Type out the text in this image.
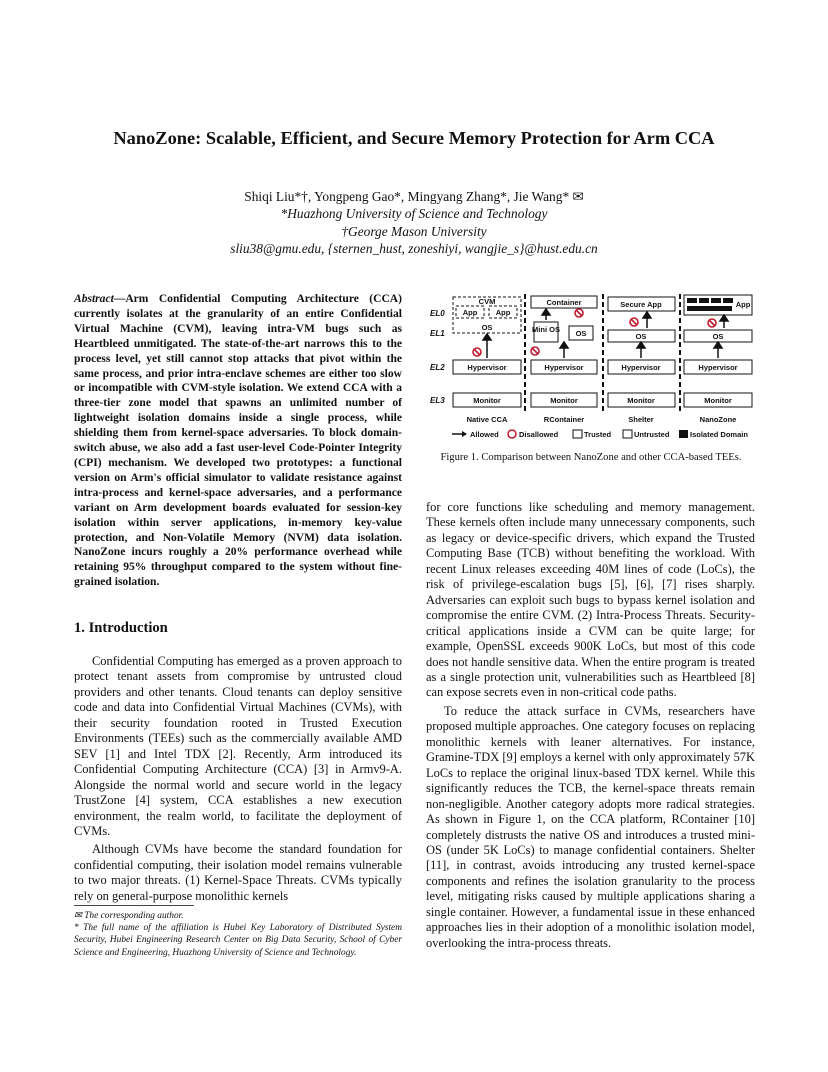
NanoZone: Scalable, Efficient, and Secure Memory Protection for Arm CCA
Shiqi Liu*†, Yongpeng Gao*, Mingyang Zhang*, Jie Wang* ✉
*Huazhong University of Science and Technology
†George Mason University
sliu38@gmu.edu, {sternen_hust, zoneshiyi, wangjie_s}@hust.edu.cn
Abstract—Arm Confidential Computing Architecture (CCA) currently isolates at the granularity of an entire Confidential Virtual Machine (CVM), leaving intra-VM bugs such as Heartbleed unmitigated. The state-of-the-art narrows this to the process level, yet still cannot stop attacks that pivot within the same process, and prior intra-enclave schemes are either too slow or incompatible with CVM-style isolation. We extend CCA with a three-tier zone model that spawns an unlimited number of lightweight isolation domains inside a single process, while shielding them from kernel-space adversaries. To block domain-switch abuse, we also add a fast user-level Code-Pointer Integrity (CPI) mechanism. We developed two prototypes: a functional version on Arm's official simulator to validate resistance against intra-process and kernel-space adversaries, and a performance variant on Arm development boards evaluated for session-key isolation within server applications, in-memory key-value protection, and Non-Volatile Memory (NVM) data isolation. NanoZone incurs roughly a 20% performance overhead while retaining 95% throughput compared to the system without fine-grained isolation.
1. Introduction

Confidential Computing has emerged as a proven approach to protect tenant assets from compromise by untrusted cloud providers and other tenants. Cloud tenants can deploy sensitive code and data into Confidential Virtual Machines (CVMs), with their security foundation rooted in Trusted Execution Environments (TEEs) such as the commercially available AMD SEV [1] and Intel TDX [2]. Recently, Arm introduced its Confidential Computing Architecture (CCA) [3] in Armv9-A. Alongside the normal world and secure world in the legacy TrustZone [4] system, CCA establishes a new execution environment, the realm world, to facilitate the deployment of CVMs.

Although CVMs have become the standard foundation for confidential computing, their isolation model remains vulnerable to two major threats. (1) Kernel-Space Threats. CVMs typically rely on general-purpose monolithic kernels

✉ The corresponding author.
* The full name of the affiliation is Hubei Key Laboratory of Distributed System Security, Hubei Engineering Research Center on Big Data Security, School of Cyber Science and Engineering, Huazhong University of Science and Technology.
EL0
EL1
EL2
EL3
CVM
App App
OS
Hypervisor
Monitor
Native CCA
Container
Mini OS OS
Hypervisor
Monitor
RContainer
Secure App
OS
Hypervisor
Monitor
Shelter
App
OS
Hypervisor
Monitor
NanoZone
Allowed	Disallowed	Trusted	Untrusted	Isolated Domain
Figure 1. Comparison between NanoZone and other CCA-based TEEs.

for core functions like scheduling and memory management. These kernels often include many unnecessary components, such as legacy or device-specific drivers, which expand the Trusted Computing Base (TCB) without benefiting the workload. With recent Linux releases exceeding 40M lines of code (LoCs), the risk of privilege-escalation bugs [5], [6], [7] rises sharply. Adversaries can exploit such bugs to bypass kernel isolation and compromise the entire CVM. (2) Intra-Process Threats. Security-critical applications inside a CVM can be quite large; for example, OpenSSL exceeds 900K LoCs, but most of this code does not handle sensitive data. When the entire program is treated as a single protection unit, vulnerabilities such as Heartbleed [8] can expose secrets even in non-critical code paths.

To reduce the attack surface in CVMs, researchers have proposed multiple approaches. One category focuses on replacing monolithic kernels with leaner alternatives. For instance, Gramine-TDX [9] employs a kernel with only approximately 57K LoCs to replace the original linux-based TDX kernel. While this significantly reduces the TCB, the kernel-space threats remain non-negligible. Another category adopts more radical strategies. As shown in Figure 1, on the CCA platform, RContainer [10] completely distrusts the native OS and introduces a trusted mini-OS (under 5K LoCs) to manage confidential containers. Shelter [11], in contrast, avoids introducing any trusted kernel-space components and refines the isolation granularity to the process level, mitigating risks caused by multiple applications sharing a single container. However, a fundamental issue in these enhanced approaches lies in their adoption of a monolithic isolation model, overlooking the intra-process threats.
